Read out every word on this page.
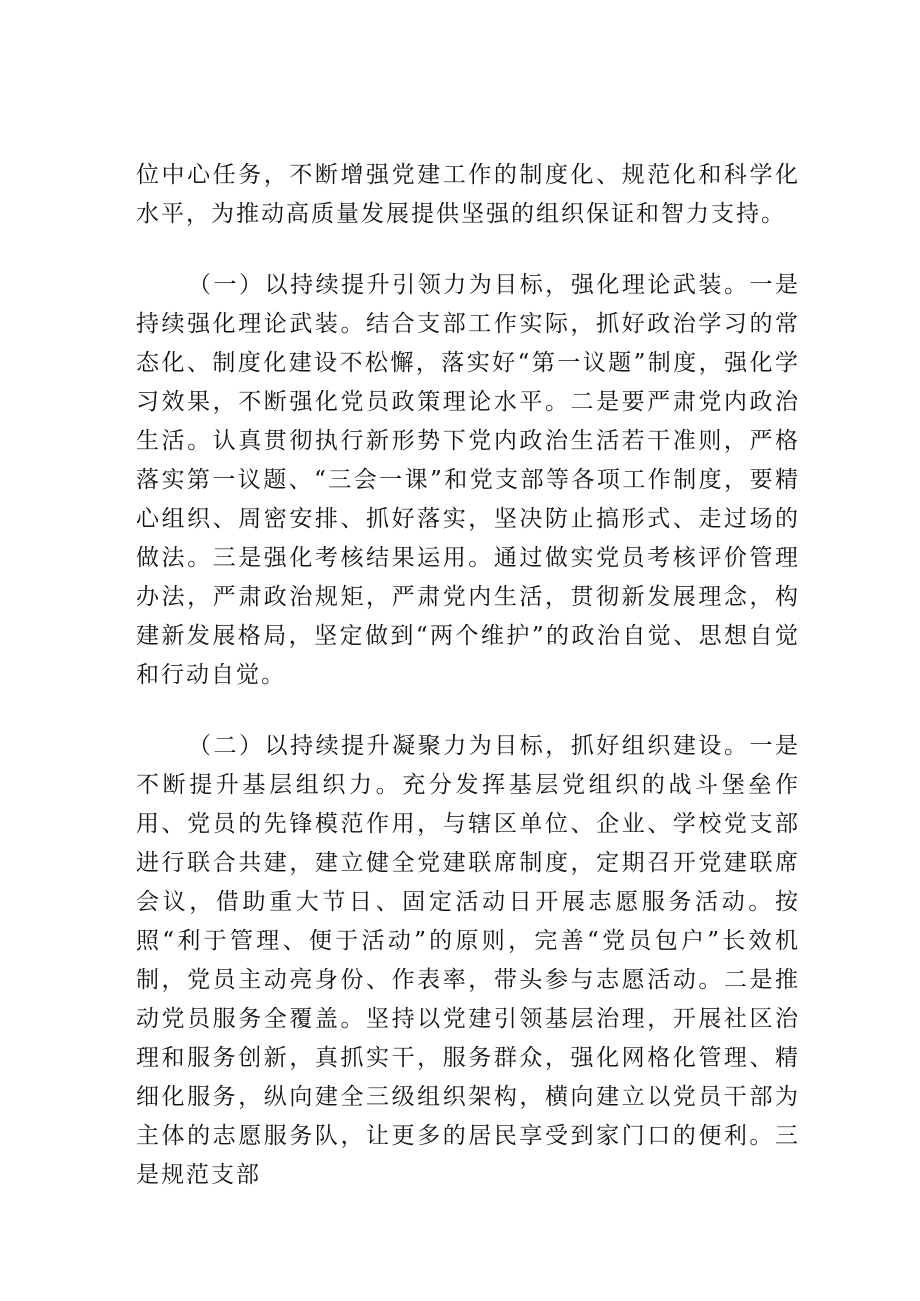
位中心任务，不断增强党建工作的制度化、规范化和科学化水平，为推动高质量发展提供坚强的组织保证和智力支持。

（一）以持续提升引领力为目标，强化理论武装。一是持续强化理论武装。结合支部工作实际，抓好政治学习的常态化、制度化建设不松懈，落实好“第一议题”制度，强化学习效果，不断强化党员政策理论水平。二是要严肃党内政治生活。认真贯彻执行新形势下党内政治生活若干准则，严格落实第一议题、“三会一课”和党支部等各项工作制度，要精心组织、周密安排、抓好落实，坚决防止搞形式、走过场的做法。三是强化考核结果运用。通过做实党员考核评价管理办法，严肃政治规矩，严肃党内生活，贯彻新发展理念，构建新发展格局，坚定做到“两个维护”的政治自觉、思想自觉和行动自觉。

（二）以持续提升凝聚力为目标，抓好组织建设。一是不断提升基层组织力。充分发挥基层党组织的战斗堡垒作用、党员的先锋模范作用，与辖区单位、企业、学校党支部进行联合共建，建立健全党建联席制度，定期召开党建联席会议，借助重大节日、固定活动日开展志愿服务活动。按照“利于管理、便于活动”的原则，完善“党员包户”长效机制，党员主动亮身份、作表率，带头参与志愿活动。二是推动党员服务全覆盖。坚持以党建引领基层治理，开展社区治理和服务创新，真抓实干，服务群众，强化网格化管理、精细化服务，纵向建全三级组织架构，横向建立以党员干部为主体的志愿服务队，让更多的居民享受到家门口的便利。三是规范支部
